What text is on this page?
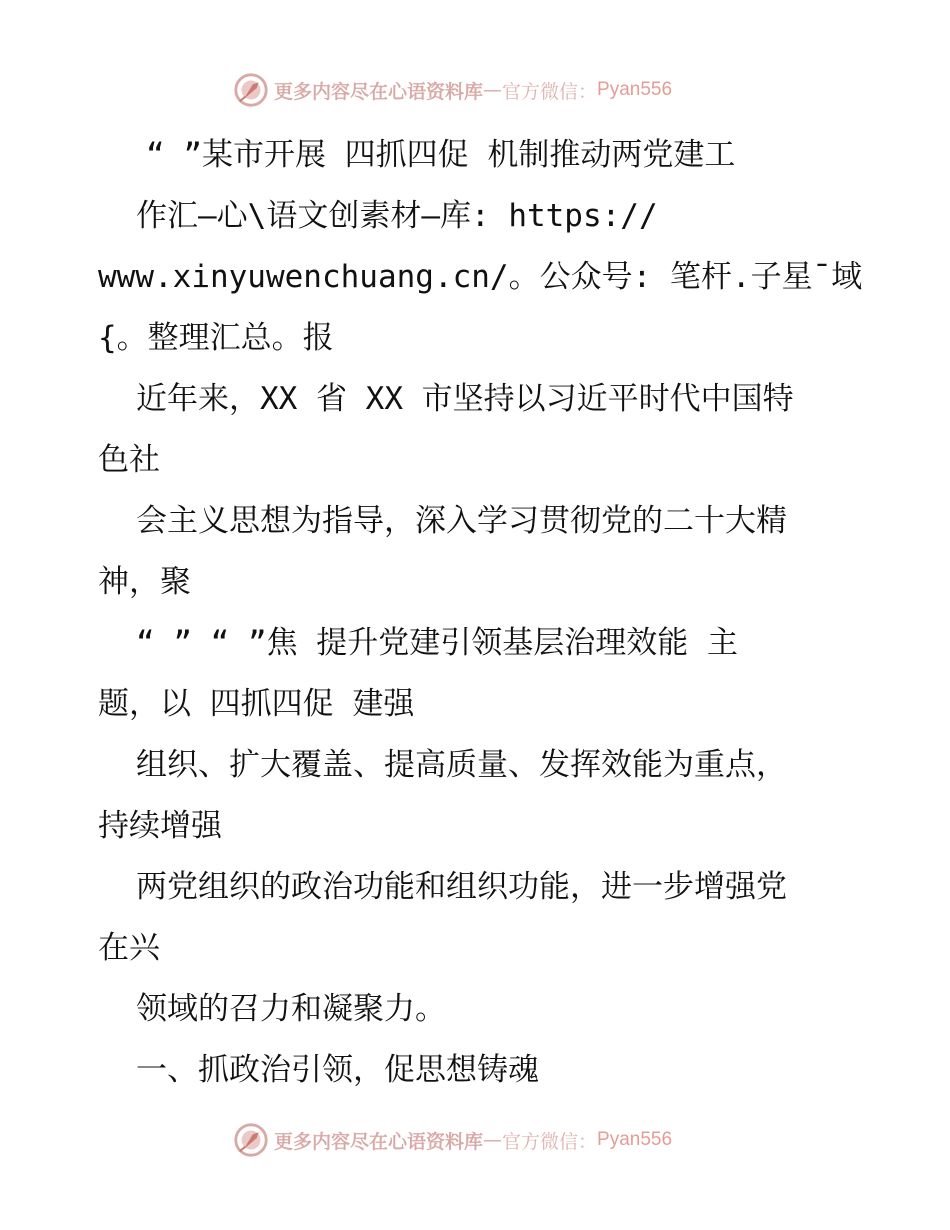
更多内容尽在心语资料库 — 官方微信： Pyan556
“ ”某市开展 四抓四促 机制推动两党建工
作汇—心\语文创素材—库: https://
www.xinyuwenchuang.cn/。公众号: 笔杆.子星¯域
{。整理汇总。报
近年来，XX 省 XX 市坚持以习近平时代中国特
色社
会主义思想为指导，深入学习贯彻党的二十大精
神，聚
“ ” “ ”焦 提升党建引领基层治理效能 主
题，以 四抓四促 建强
组织、扩大覆盖、提高质量、发挥效能为重点，
持续增强
两党组织的政治功能和组织功能，进一步增强党
在兴
领域的召力和凝聚力。
一、抓政治引领，促思想铸魂
更多内容尽在心语资料库 — 官方微信： Pyan556
